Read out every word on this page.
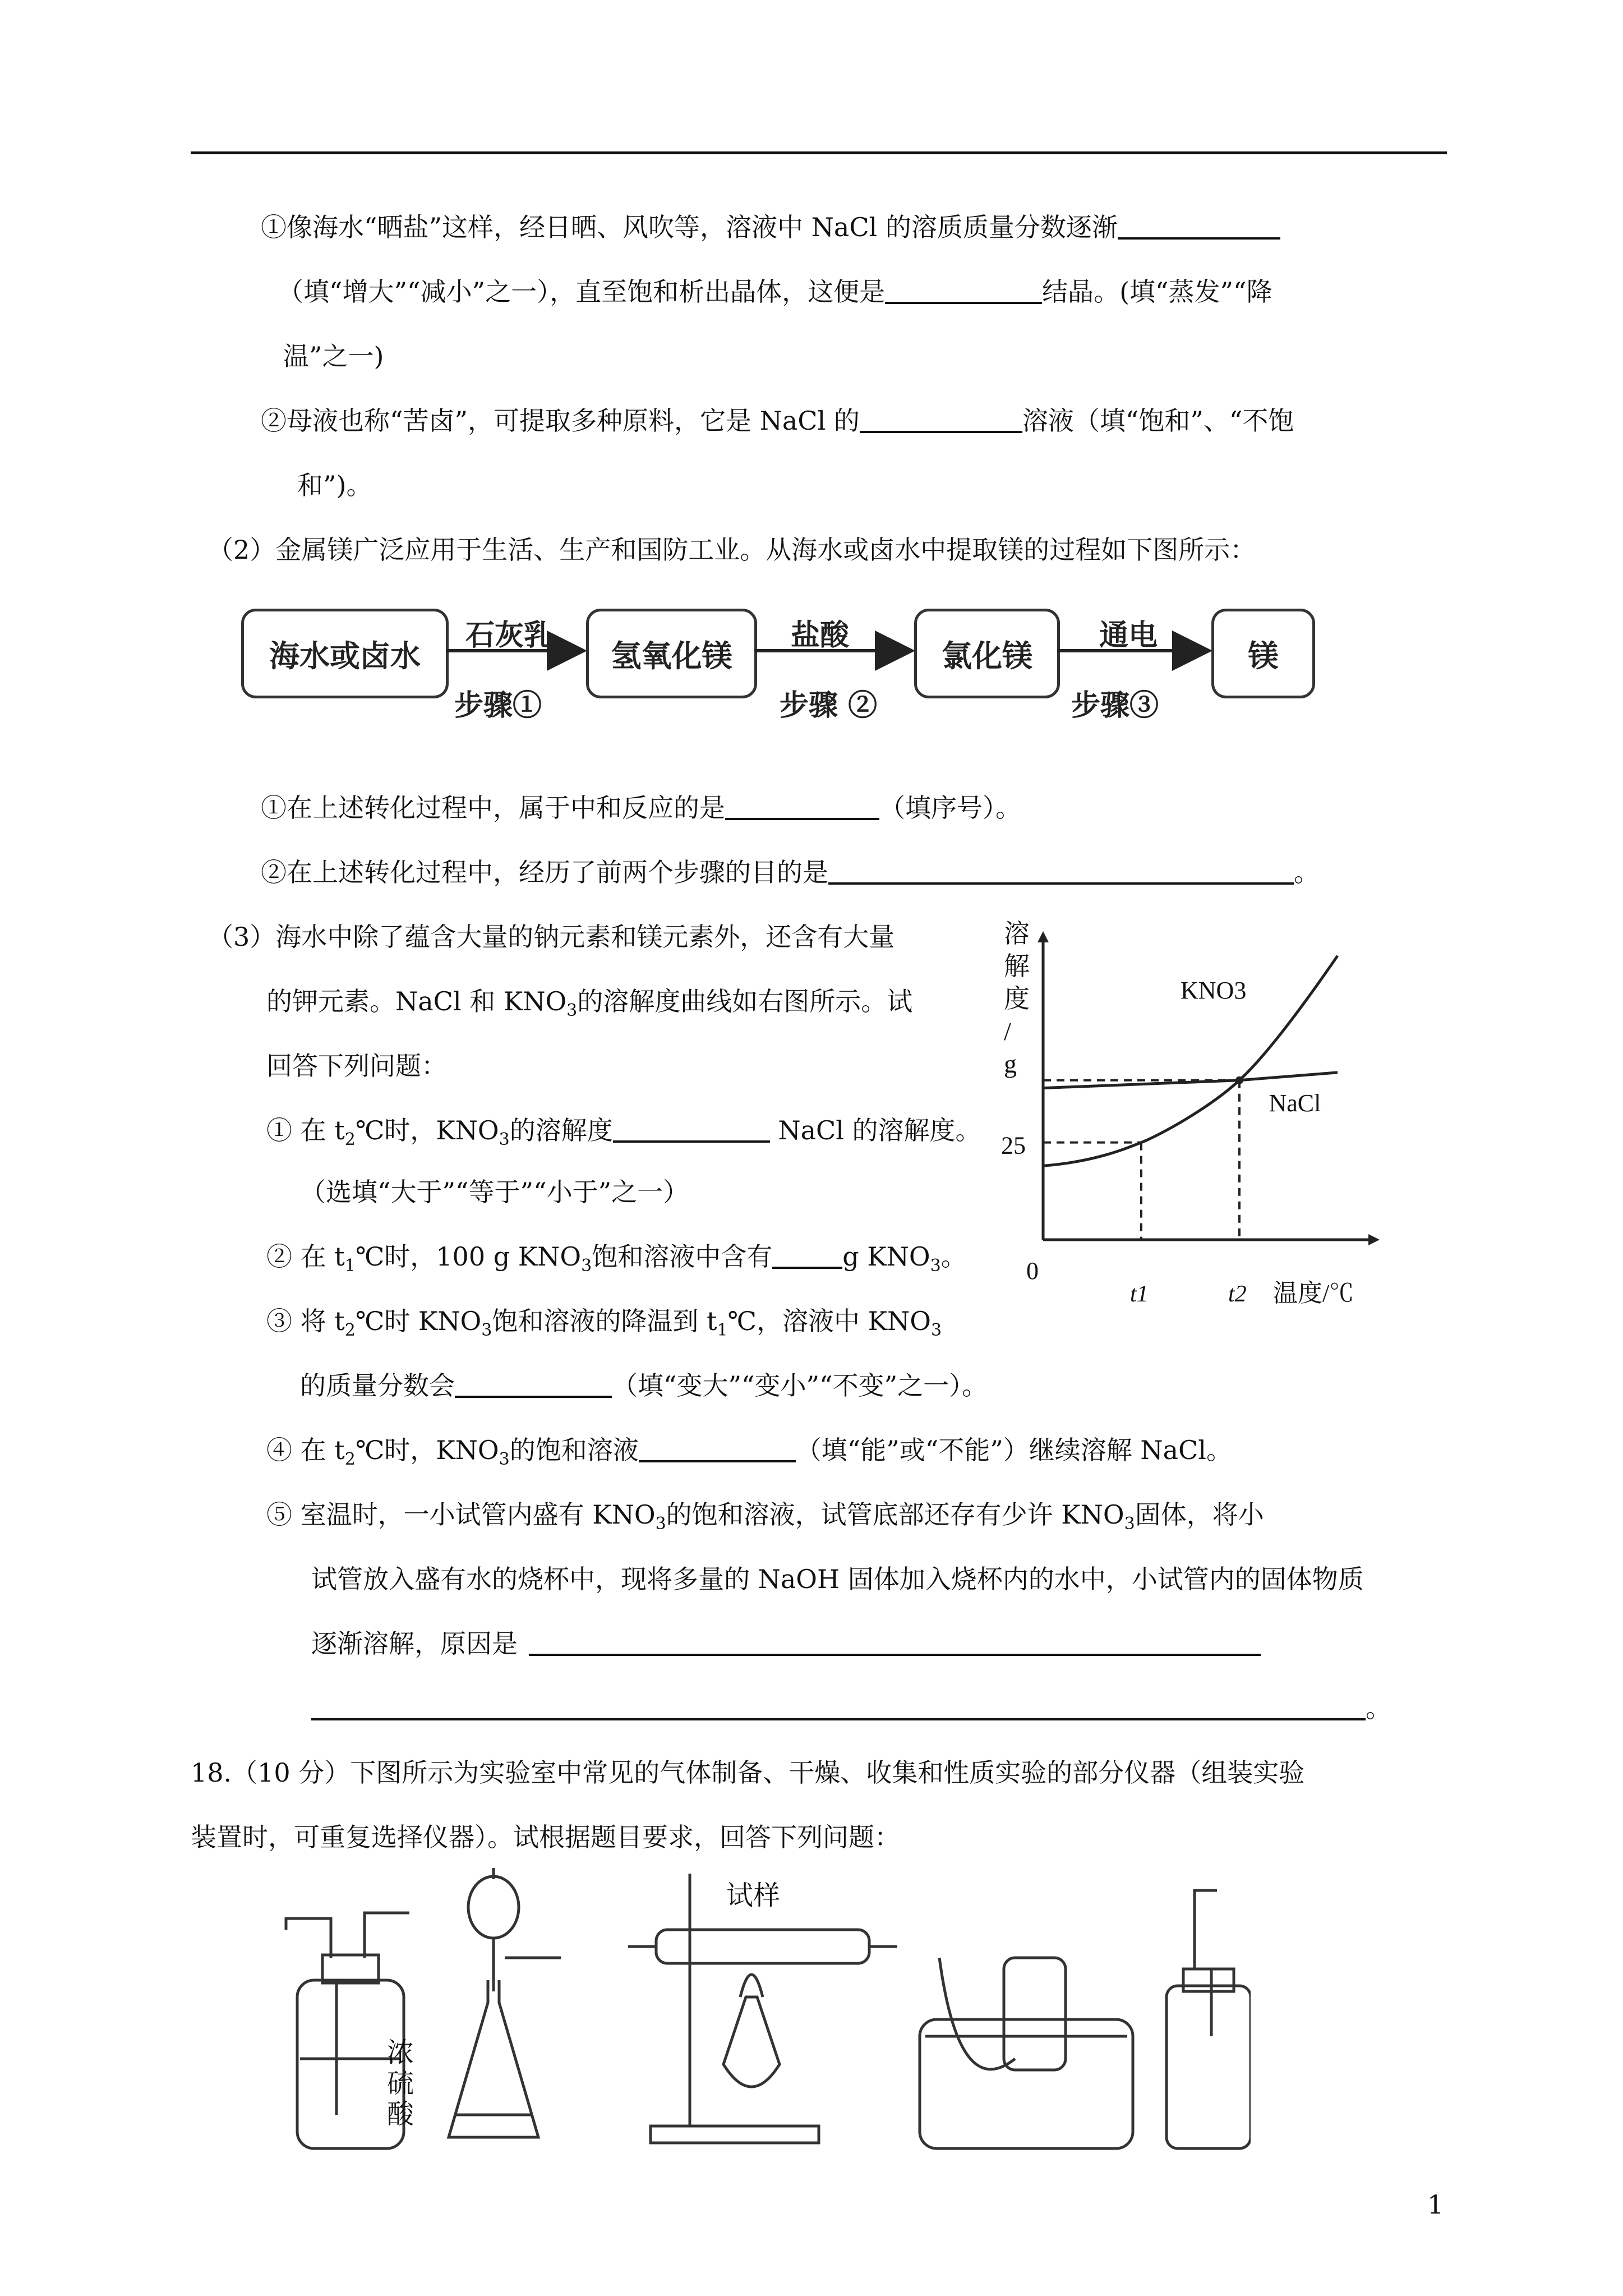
①像海水“晒盐”这样，经日晒、风吹等，溶液中 NaCl 的溶质质量分数逐渐
（填“增大”“减小”之一），直至饱和析出晶体，这便是	结晶。(填“蒸发”“降
温”之一)
②母液也称“苦卤”，可提取多种原料，它是 NaCl 的	溶液（填“饱和”、“不饱
和”)。
（2）金属镁广泛应用于生活、生产和国防工业。从海水或卤水中提取镁的过程如下图所示：
海水或卤水	氢氧化镁	氯化镁	镁
石灰乳	盐酸	通电
步骤①	步骤 ②	步骤③
①在上述转化过程中，属于中和反应的是	（填序号）。
②在上述转化过程中，经历了前两个步骤的目的是	。
（3）海水中除了蕴含大量的钠元素和镁元素外，还含有大量
的钾元素。NaCl 和 $KNO_3$的溶解度曲线如右图所示。试
回答下列问题：
① 在 $t_2℃$时，$KNO_3$的溶解度	NaCl 的溶解度。
（选填“大于”“等于”“小于”之一）
② 在 $t_1℃$时，100 g $KNO_3$饱和溶液中含有	g $KNO_3$。
③ 将 $t_2℃$时 $KNO_3$饱和溶液的降温到 $t_1℃$，溶液中 $KNO_3$
的质量分数会	（填“变大”“变小”“不变”之一）。
④ 在 $t_2℃$时，$KNO_3$的饱和溶液	（填“能”或“不能”）继续溶解 NaCl。
⑤ 室温时，一小试管内盛有 $KNO_3$的饱和溶液，试管底部还存有少许 $KNO_3$固体，将小
试管放入盛有水的烧杯中，现将多量的 NaOH 固体加入烧杯内的水中，小试管内的固体物质
逐渐溶解，原因是
。
溶
解
度
/
g
温度/℃
0
25
t1	t2
KNO3
NaCl
18.（10 分）下图所示为实验室中常见的气体制备、干燥、收集和性质实验的部分仪器（组装实验
装置时，可重复选择仪器）。试根据题目要求，回答下列问题：
试样
浓
硫
酸
1
